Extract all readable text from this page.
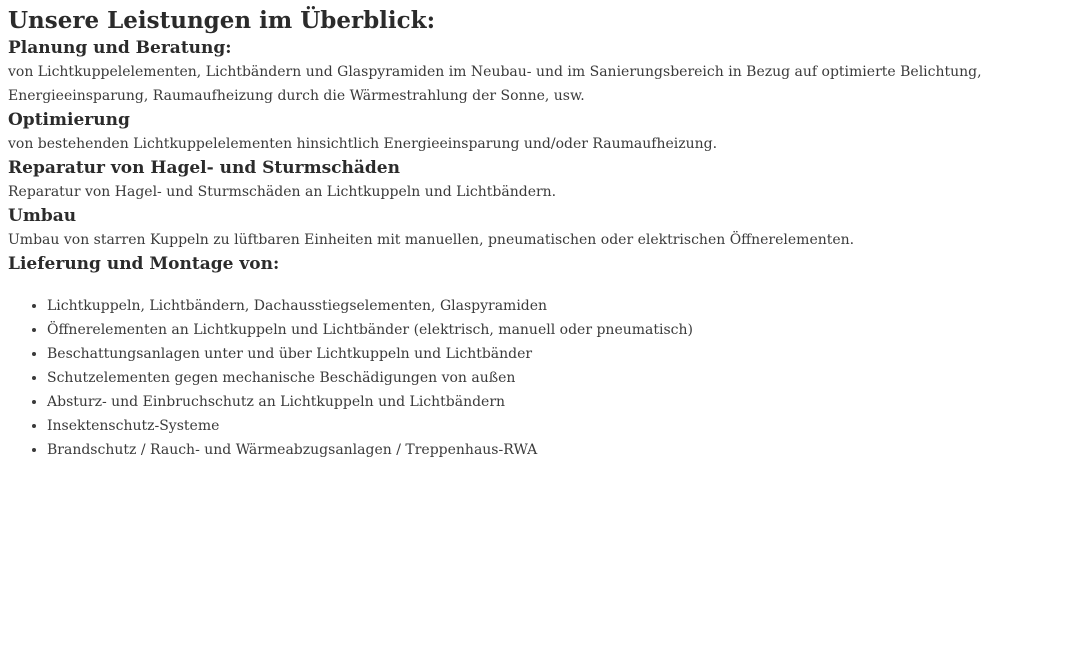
Unsere Leistungen im Überblick:
Planung und Beratung:

von Lichtkuppelelementen, Lichtbändern und Glaspyramiden im Neubau- und im Sanierungsbereich in Bezug auf optimierte Belichtung,
Energieeinsparung, Raumaufheizung durch die Wärmestrahlung der Sonne, usw.

Optimierung

von bestehenden Lichtkuppelelementen hinsichtlich Energieeinsparung und/oder Raumaufheizung.

Reparatur von Hagel- und Sturmschäden

Reparatur von Hagel- und Sturmschäden an Lichtkuppeln und Lichtbändern.

Umbau

Umbau von starren Kuppeln zu lüftbaren Einheiten mit manuellen, pneumatischen oder elektrischen Öffnerelementen.

Lieferung und Montage von:
• Lichtkuppeln, Lichtbändern, Dachausstiegselementen, Glaspyramiden
• Öffnerelementen an Lichtkuppeln und Lichtbänder (elektrisch, manuell oder pneumatisch)
• Beschattungsanlagen unter und über Lichtkuppeln und Lichtbänder
• Schutzelementen gegen mechanische Beschädigungen von außen
• Absturz- und Einbruchschutz an Lichtkuppeln und Lichtbändern
• Insektenschutz-Systeme
• Brandschutz / Rauch- und Wärmeabzugsanlagen / Treppenhaus-RWA
